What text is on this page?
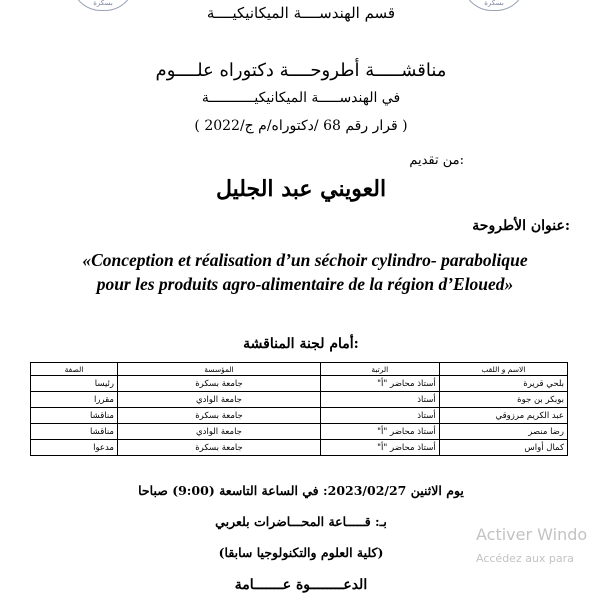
بسكرة	بسكرة
قسم الهندســــة الميكانيكيــــة
مناقشـــــة أطروحــــة دكتوراه علــــوم
في الهندســـــة الميكانيكيـــــــــــة
( قرار رقم 68 /دكتوراه/م ج/2022 )
من تقديم:
العويني عبد الجليل
عنوان الأطروحة:
«Conception et réalisation d’un séchoir cylindro- parabolique
pour les produits agro-alimentaire de la région d’Eloued»
أمام لجنة المناقشة:
الاسم و اللقب	الرتبة	المؤسسة	الصفة
بلحي قريرة	أستاذ محاضر "أ"	جامعة بسكرة	رئيسا
بوبكر بن جوة	أستاذ	جامعة الوادي	مقررا
عبد الكريم مرزوقي	أستاذ	جامعة بسكرة	مناقشا
رضا منصر	أستاذ محاضر "أ"	جامعة الوادي	مناقشا
كمال أواس	أستاذ محاضر "أ"	جامعة بسكرة	مدعوا
يوم الاثنين 2023/02/27: في الساعة التاسعة (9:00) صباحا
بـ: قـــــاعة المحـــاضرات بلعربي
(كلية العلوم والتكنولوجيا سابقا)
الدعــــــــوة عـــــــامة
Activer Windo
Accédez aux para
